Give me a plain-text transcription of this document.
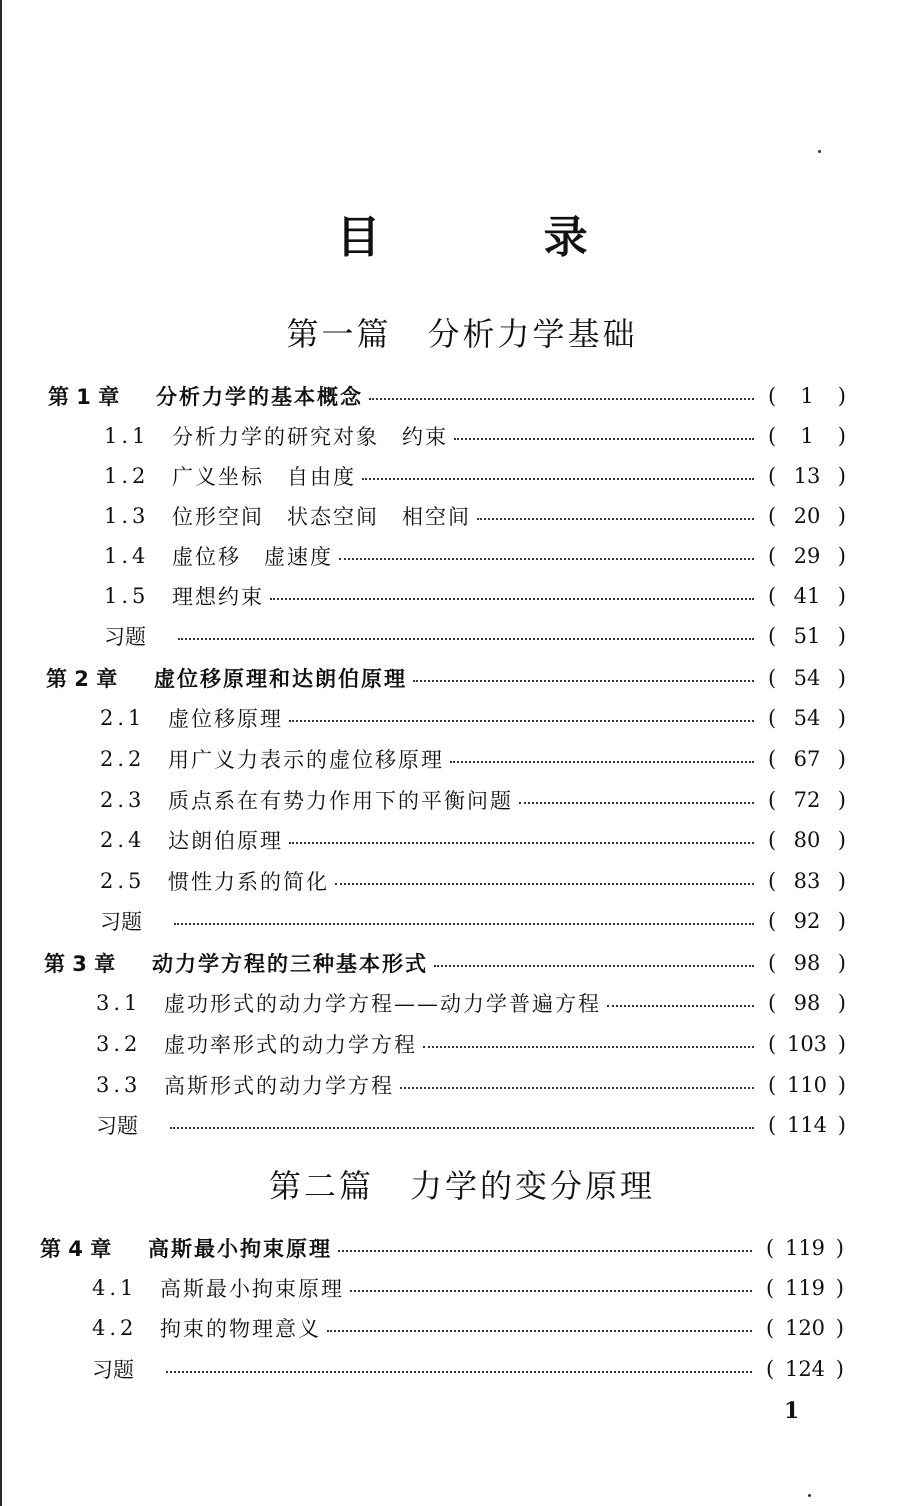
目 录
第一篇 分析力学基础
第 1 章	分析力学的基本概念	(	1	)
1.1	分析力学的研究对象　约束	(	1	)
1.2	广义坐标　自由度	( 13 )
1.3	位形空间　状态空间　相空间	( 20 )
1.4	虚位移　虚速度	( 29 )
1.5	理想约束	( 41 )
习题	( 51 )
第 2 章	虚位移原理和达朗伯原理	( 54 )
2.1	虚位移原理	( 54 )
2.2	用广义力表示的虚位移原理	( 67 )
2.3	质点系在有势力作用下的平衡问题	( 72 )
2.4	达朗伯原理	( 80 )
2.5	惯性力系的简化	( 83 )
习题	( 92 )
第 3 章	动力学方程的三种基本形式	( 98 )
3.1	虚功形式的动力学方程——动力学普遍方程	( 98 )
3.2	虚功率形式的动力学方程	( 103 )
3.3	高斯形式的动力学方程	( 110 )
习题	( 114 )
第二篇 力学的变分原理
第 4 章	高斯最小拘束原理	( 119 )
4.1	高斯最小拘束原理	( 119 )
4.2	拘束的物理意义	( 120 )
习题	( 124 )
1
